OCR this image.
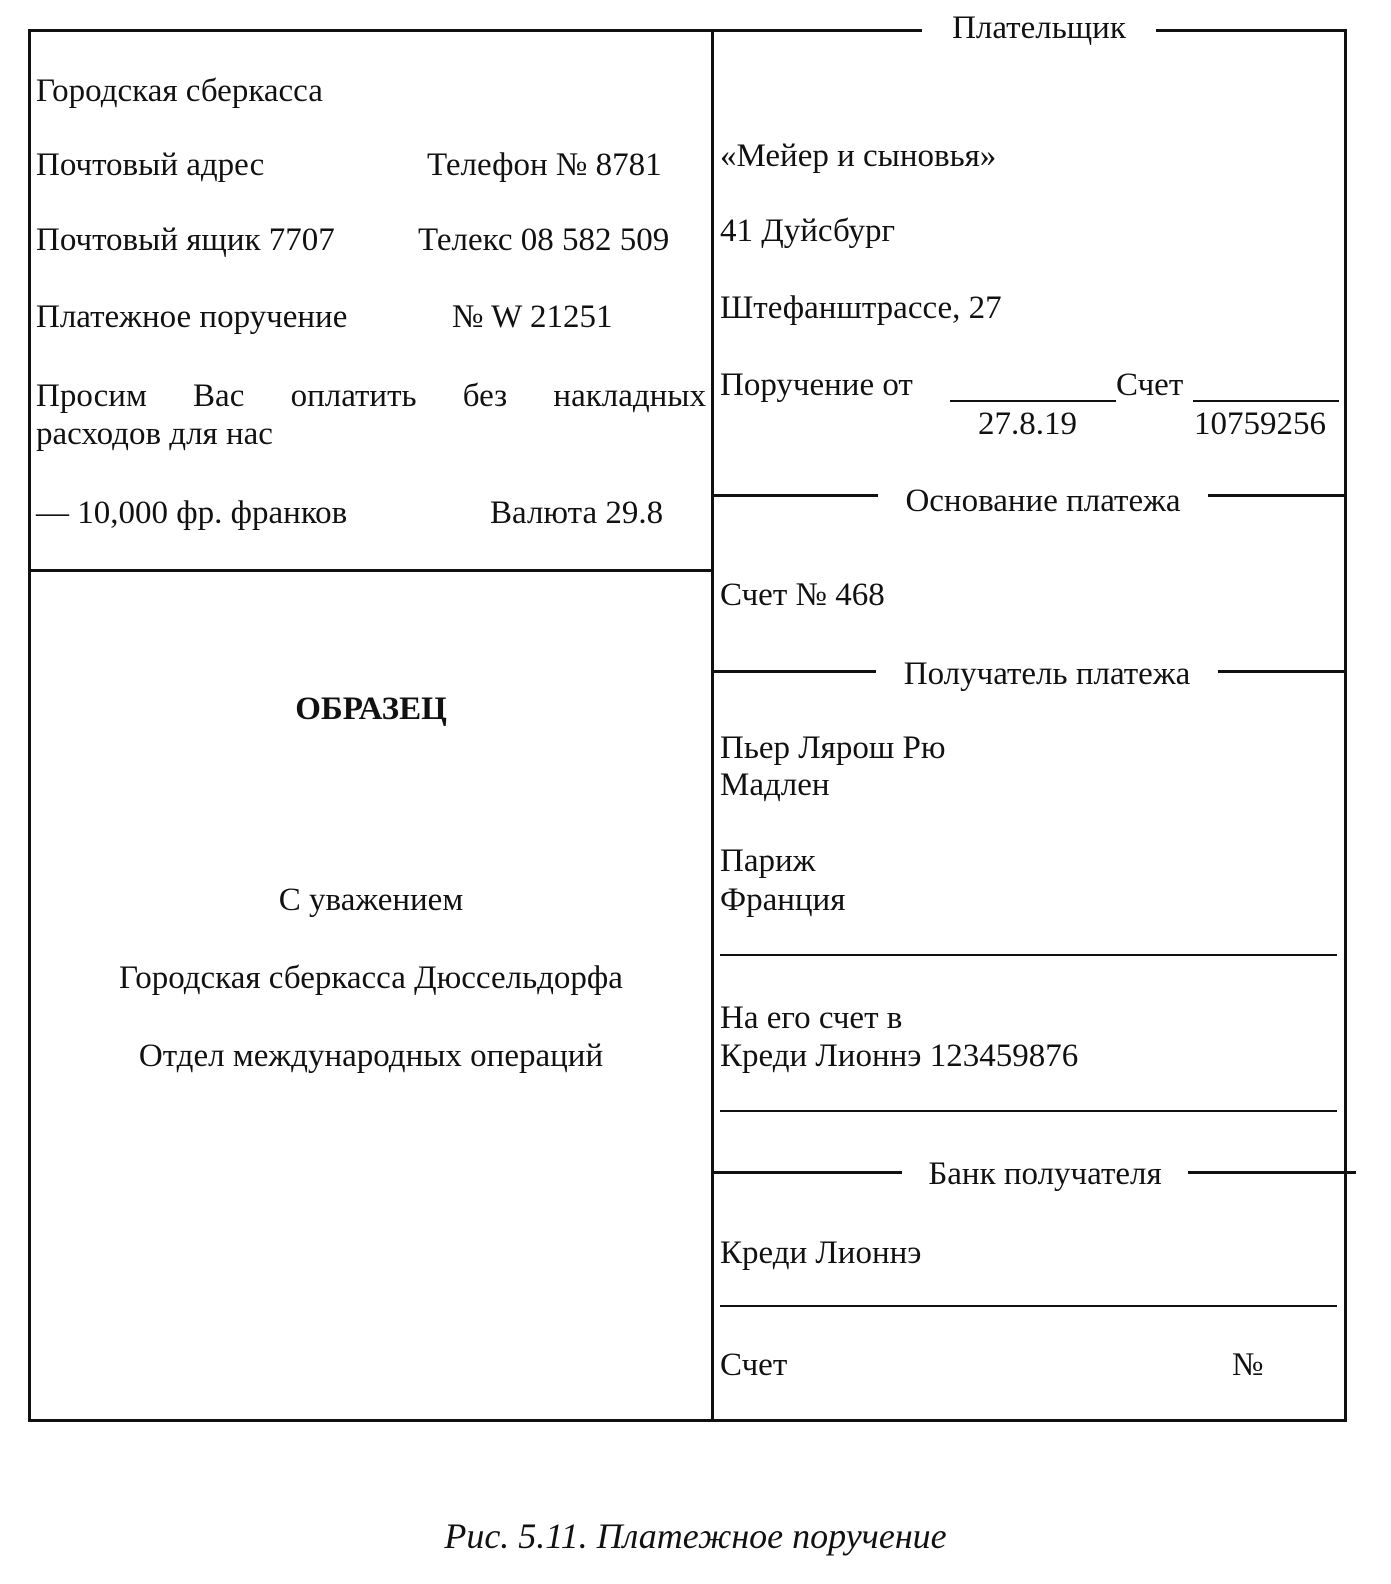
Плательщик
Основание платежа
Получатель платежа
Банк получателя
Городская сберкасса
Почтовый адрес	Телефон № 8781
Почтовый ящик 7707	Телекс 08 582 509
Платежное поручение	№ W 21251
Просим Вас оплатить без накладных
расходов для нас
— 10,000 фр. франков	Валюта 29.8
ОБРАЗЕЦ
С уважением
Городская сберкасса Дюссельдорфа
Отдел международных операций
«Мейер и сыновья»
41 Дуйсбург
Штефанштрассе, 27
Поручение от	Счет
27.8.19	10759256
Счет № 468
Пьер Лярош Рю
Мадлен
Париж
Франция
На его счет в
Креди Лионнэ 123459876
Креди Лионнэ
Счет	№
Рис. 5.11. Платежное поручение
